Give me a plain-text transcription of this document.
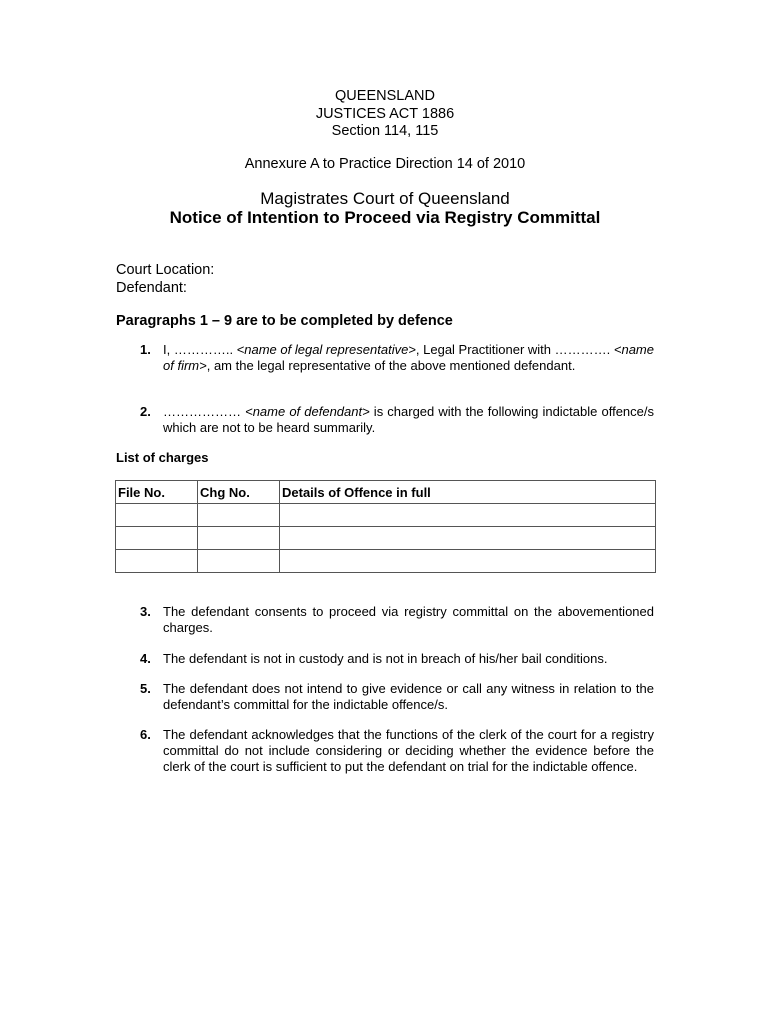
QUEENSLAND
JUSTICES ACT 1886
Section 114, 115
Annexure A to Practice Direction 14 of 2010
Magistrates Court of Queensland
Notice of Intention to Proceed via Registry Committal
Court Location:
Defendant:
Paragraphs 1 – 9 are to be completed by defence
1. I, ………….. <name of legal representative>, Legal Practitioner with …………. <name of firm>, am the legal representative of the above mentioned defendant.
2. ……………… <name of defendant> is charged with the following indictable offence/s which are not to be heard summarily.
List of charges
File No.	Chg No.	Details of Offence in full

3. The defendant consents to proceed via registry committal on the abovementioned charges.
4. The defendant is not in custody and is not in breach of his/her bail conditions.
5. The defendant does not intend to give evidence or call any witness in relation to the defendant’s committal for the indictable offence/s.
6. The defendant acknowledges that the functions of the clerk of the court for a registry committal do not include considering or deciding whether the evidence before the clerk of the court is sufficient to put the defendant on trial for the indictable offence.
